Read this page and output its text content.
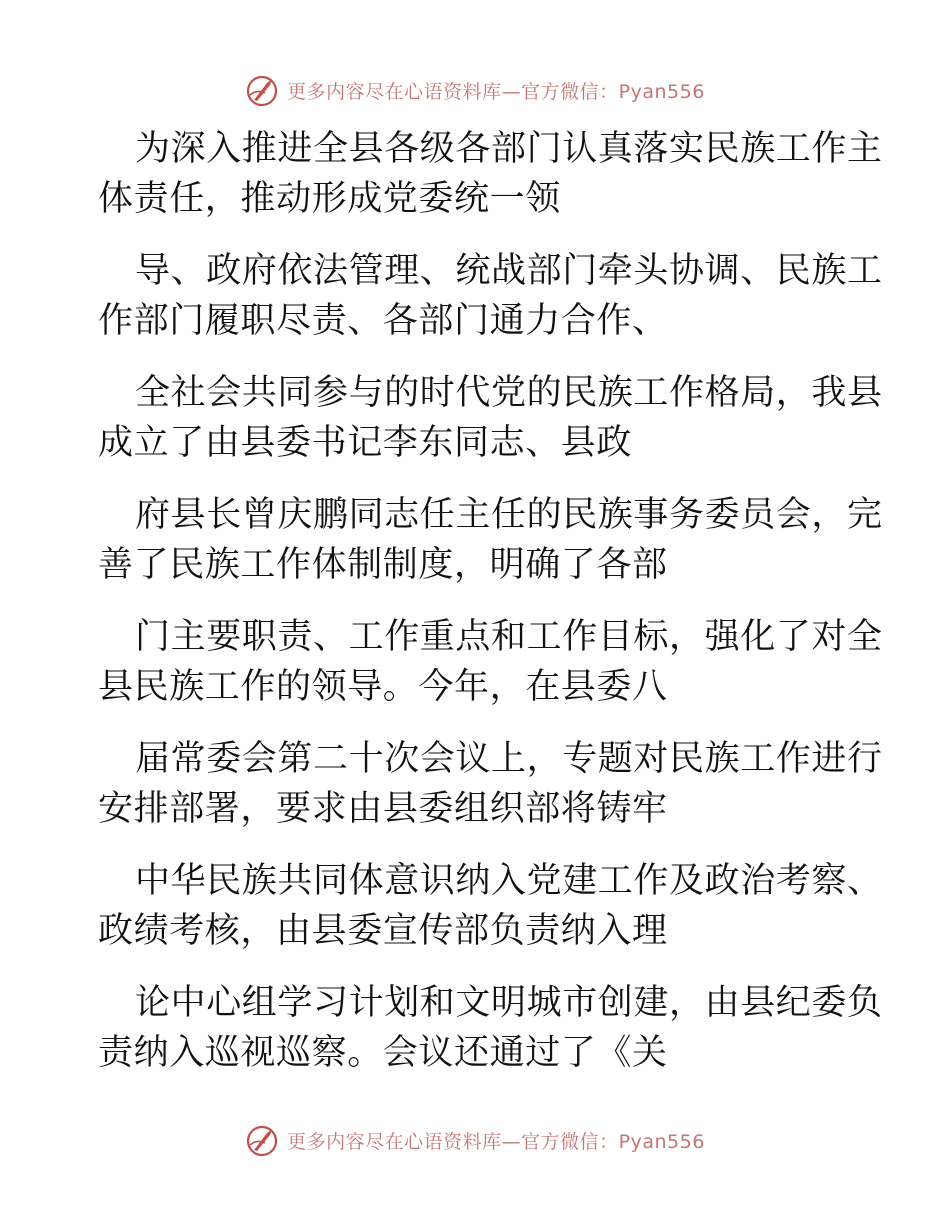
更多内容尽在心语资料库—官方微信：Pyan556
为深入推进全县各级各部门认真落实民族工作主
体责任，推动形成党委统一领
导、政府依法管理、统战部门牵头协调、民族工
作部门履职尽责、各部门通力合作、
全社会共同参与的时代党的民族工作格局，我县
成立了由县委书记李东同志、县政
府县长曾庆鹏同志任主任的民族事务委员会，完
善了民族工作体制制度，明确了各部
门主要职责、工作重点和工作目标，强化了对全
县民族工作的领导。今年，在县委八
届常委会第二十次会议上，专题对民族工作进行
安排部署，要求由县委组织部将铸牢
中华民族共同体意识纳入党建工作及政治考察、
政绩考核，由县委宣传部负责纳入理
论中心组学习计划和文明城市创建，由县纪委负
责纳入巡视巡察。会议还通过了《关
更多内容尽在心语资料库—官方微信：Pyan556
